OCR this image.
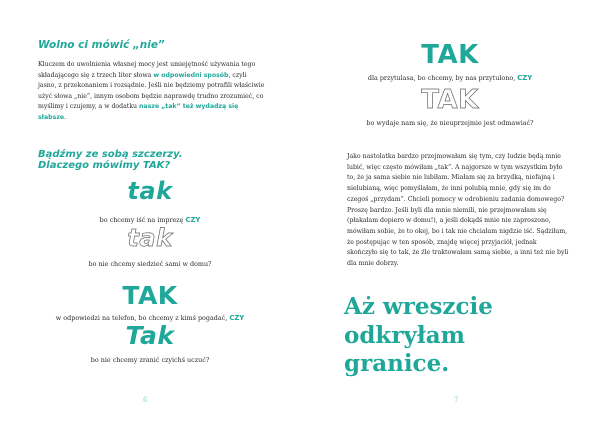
Wolno ci mówić „nie”

Kluczem do uwolnienia własnej mocy jest umiejętność używania tego składającego się z trzech liter słowa w odpowiedni sposób, czyli jasno, z przekonaniem i rozsądnie. Jeśli nie będziemy potrafili właściwie użyć słowa „nie”, innym osobom będzie naprawdę trudno zrozumieć, co myślimy i czujemy, a w dodatku nasze „tak” też wydadzą się słabsze.

Bądźmy ze sobą szczerzy.
Dlaczego mówimy TAK?
tak

bo chcemy iść na imprezę CZY

tak

bo nie chcemy siedzieć sami w domu?

TAK

w odpowiedzi na telefon, bo chcemy z kimś pogadać, CZY

Tak

bo nie chcemy zranić czyichś uczuć?

6
TAK

dla przytulasa, bo chcemy, by nas przytulono, CZY

TAK

bo wydaje nam się, że nieuprzejmie jest odmawiać?

Jako nastolatka bardzo przejmowałam się tym, czy ludzie będą mnie lubić, więc często mówiłam „tak”. A najgorsze w tym wszystkim było to, że ja sama siebie nie lubiłam. Miałam się za brzydką, niefajną i nielubianą, więc pomyślałam, że inni polubią mnie, gdy się im do czegoś „przydam”. Chcieli pomocy w odrobieniu zadania domowego? Proszę bardzo. Jeśli byli dla mnie niemili, nie przejmowałam się (płakałam dopiero w domu!), a jeśli dokądś mnie nie zaproszono, mówiłam sobie, że to okej, bo i tak nie chciałam nigdzie iść. Sądziłam, że postępując w ten sposób, znajdę więcej przyjaciół, jednak skończyło się to tak, że źle traktowałam samą siebie, a inni też nie byli dla mnie dobrzy.

Aż wreszcie
odkryłam
granice.
7
